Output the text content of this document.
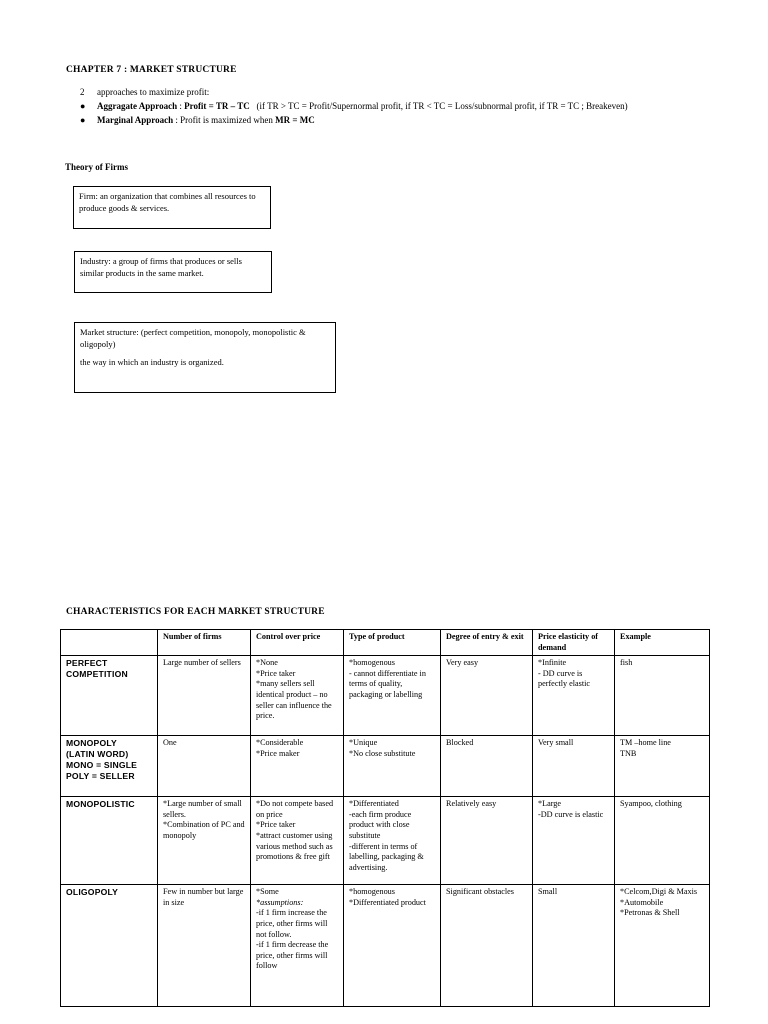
CHAPTER 7 : MARKET STRUCTURE
2 approaches to maximize profit:
● Aggragate Approach : Profit = TR – TC (if TR > TC = Profit/Supernormal profit, if TR < TC = Loss/subnormal profit, if TR = TC ; Breakeven)
● Marginal Approach : Profit is maximized when MR = MC
Theory of Firms

Firm: an organization that combines all resources to produce goods & services.

Industry: a group of firms that produces or sells similar products in the same market.

Market structure: (perfect competition, monopoly, monopolistic & oligopoly)

the way in which an industry is organized.

CHARACTERISTICS FOR EACH MARKET STRUCTURE
	Number of firms	Control over price	Type of product	Degree of entry & exit	Price elasticity of demand	Example

PERFECT
COMPETITION	Large number of sellers	*None
*Price taker
*many sellers sell identical product – no seller can influence the price.	*homogenous
- cannot differentiate in terms of quality, packaging or labelling	Very easy	*Infinite
- DD curve is perfectly elastic	fish

MONOPOLY
(LATIN WORD)
MONO = SINGLE
POLY = SELLER	One	*Considerable
*Price maker	*Unique
*No close substitute	Blocked	Very small	TM –home line
TNB

MONOPOLISTIC	*Large number of small sellers.
*Combination of PC and monopoly	*Do not compete based on price
*Price taker
*attract customer using various method such as promotions & free gift	*Differentiated
-each firm produce product with close substitute
-different in terms of labelling, packaging & advertising.	Relatively easy	*Large
-DD curve is elastic	Syampoo, clothing

OLIGOPOLY	Few in number but large in size	*Some
*assumptions:
-if 1 firm increase the price, other firms will not follow.
-if 1 firm decrease the price, other firms will follow	*homogenous
*Differentiated product	Significant obstacles	Small	*Celcom,Digi & Maxis
*Automobile
*Petronas & Shell
